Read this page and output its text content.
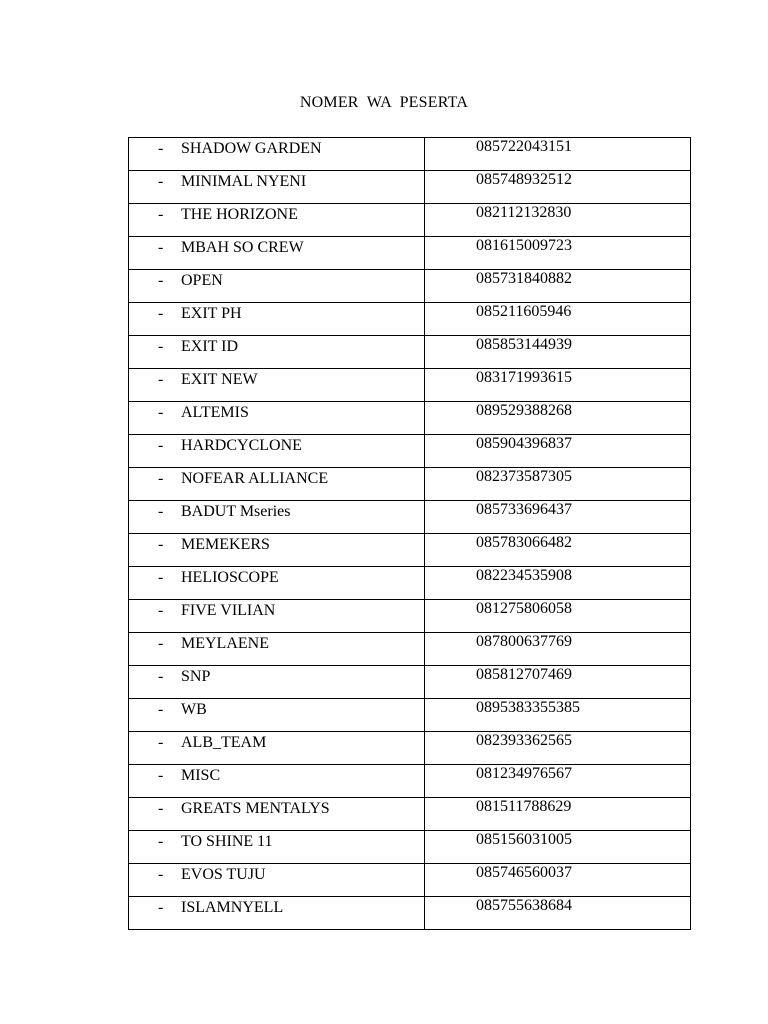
NOMER  WA  PESERTA
- SHADOW GARDEN	085722043151

- MINIMAL NYENI	085748932512

- THE HORIZONE	082112132830

- MBAH SO CREW	081615009723

- OPEN	085731840882

- EXIT PH	085211605946

- EXIT ID	085853144939

- EXIT NEW	083171993615

- ALTEMIS	089529388268

- HARDCYCLONE	085904396837

- NOFEAR ALLIANCE	082373587305

- BADUT Mseries	085733696437

- MEMEKERS	085783066482

- HELIOSCOPE	082234535908

- FIVE VILIAN	081275806058

- MEYLAENE	087800637769

- SNP	085812707469

- WB	0895383355385

- ALB_TEAM	082393362565

- MISC	081234976567

- GREATS MENTALYS	081511788629

- TO SHINE 11	085156031005

- EVOS TUJU	085746560037

- ISLAMNYELL	085755638684
